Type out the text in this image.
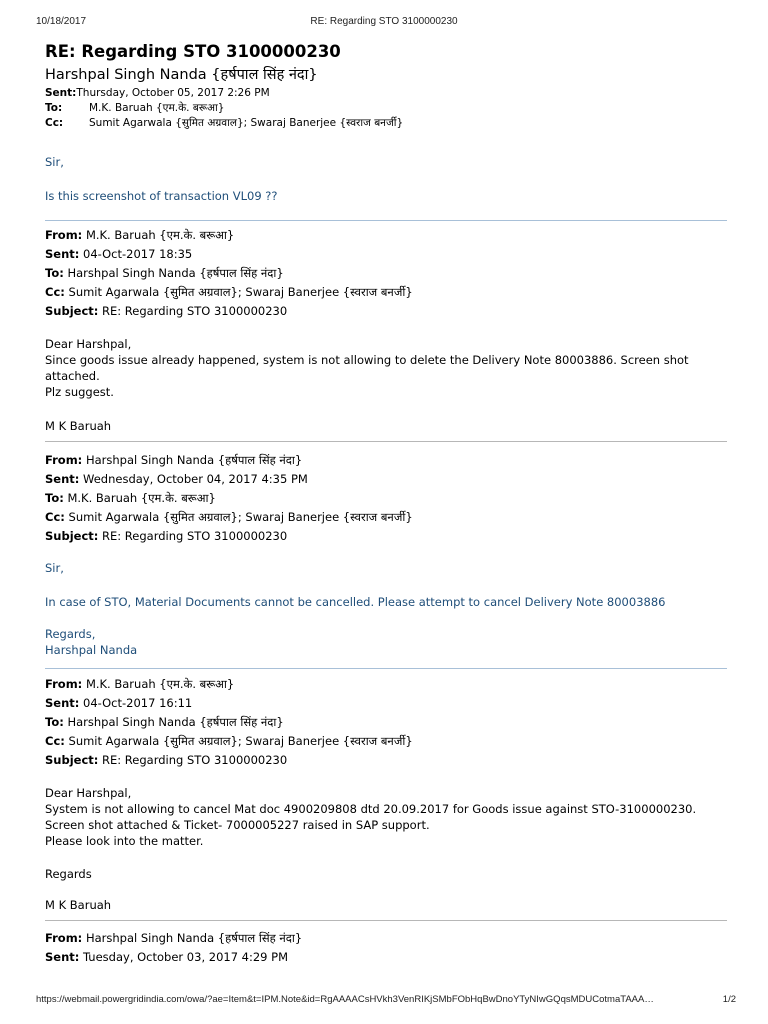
10/18/2017	RE: Regarding STO 3100000230
RE: Regarding STO 3100000230
Harshpal Singh Nanda {हर्षपाल सिंह नंदा}
Sent: Thursday, October 05, 2017 2:26 PM
To:	M.K. Baruah {एम.के. बरूआ}
Cc:	Sumit Agarwala {सुमित अग्रवाल}; Swaraj Banerjee {स्वराज बनर्जी}

Sir,

Is this screenshot of transaction VL09 ??

From: M.K. Baruah {एम.के. बरूआ}
Sent: 04-Oct-2017 18:35
To: Harshpal Singh Nanda {हर्षपाल सिंह नंदा}
Cc: Sumit Agarwala {सुमित अग्रवाल}; Swaraj Banerjee {स्वराज बनर्जी}
Subject: RE: Regarding STO 3100000230

Dear Harshpal,

Since goods issue already happened, system is not allowing to delete the Delivery Note 80003886. Screen shot

attached.

Plz suggest.

M K Baruah

From: Harshpal Singh Nanda {हर्षपाल सिंह नंदा}
Sent: Wednesday, October 04, 2017 4:35 PM
To: M.K. Baruah {एम.के. बरूआ}
Cc: Sumit Agarwala {सुमित अग्रवाल}; Swaraj Banerjee {स्वराज बनर्जी}
Subject: RE: Regarding STO 3100000230

Sir,

In case of STO, Material Documents cannot be cancelled. Please attempt to cancel Delivery Note 80003886

Regards,

Harshpal Nanda

From: M.K. Baruah {एम.के. बरूआ}
Sent: 04-Oct-2017 16:11
To: Harshpal Singh Nanda {हर्षपाल सिंह नंदा}
Cc: Sumit Agarwala {सुमित अग्रवाल}; Swaraj Banerjee {स्वराज बनर्जी}
Subject: RE: Regarding STO 3100000230

Dear Harshpal,

System is not allowing to cancel Mat doc 4900209808 dtd 20.09.2017 for Goods issue against STO-3100000230.

Screen shot attached & Ticket- 7000005227 raised in SAP support.

Please look into the matter.

Regards

M K Baruah

From: Harshpal Singh Nanda {हर्षपाल सिंह नंदा}
Sent: Tuesday, October 03, 2017 4:29 PM
https://webmail.powergridindia.com/owa/?ae=Item&t=IPM.Note&id=RgAAAACsHVkh3VenRIKjSMbFObHqBwDnoYTyNIwGQqsMDUCotmaTAAA…	1/2
